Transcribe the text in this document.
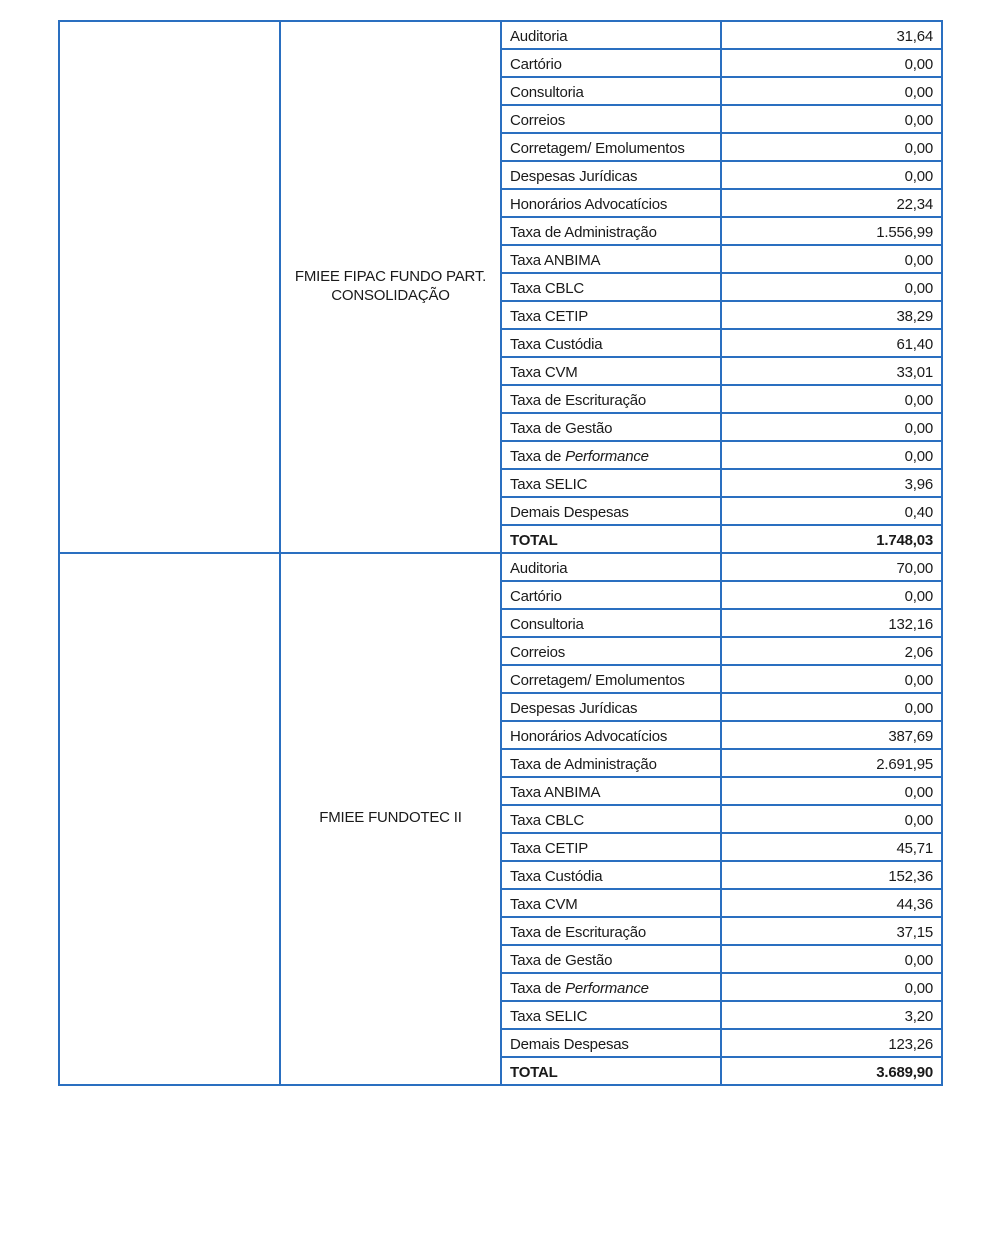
	FMIEE FIPAC FUNDO PART. CONSOLIDAÇÃO	Auditoria	31,64
		Cartório	0,00
		Consultoria	0,00
		Correios	0,00
		Corretagem/ Emolumentos	0,00
		Despesas Jurídicas	0,00
		Honorários Advocatícios	22,34
		Taxa de Administração	1.556,99
		Taxa ANBIMA	0,00
		Taxa CBLC	0,00
		Taxa CETIP	38,29
		Taxa Custódia	61,40
		Taxa CVM	33,01
		Taxa de Escrituração	0,00
		Taxa de Gestão	0,00
		Taxa de Performance	0,00
		Taxa SELIC	3,96
		Demais Despesas	0,40
		TOTAL	1.748,03
	FMIEE FUNDOTEC II	Auditoria	70,00
		Cartório	0,00
		Consultoria	132,16
		Correios	2,06
		Corretagem/ Emolumentos	0,00
		Despesas Jurídicas	0,00
		Honorários Advocatícios	387,69
		Taxa de Administração	2.691,95
		Taxa ANBIMA	0,00
		Taxa CBLC	0,00
		Taxa CETIP	45,71
		Taxa Custódia	152,36
		Taxa CVM	44,36
		Taxa de Escrituração	37,15
		Taxa de Gestão	0,00
		Taxa de Performance	0,00
		Taxa SELIC	3,20
		Demais Despesas	123,26
		TOTAL	3.689,90
